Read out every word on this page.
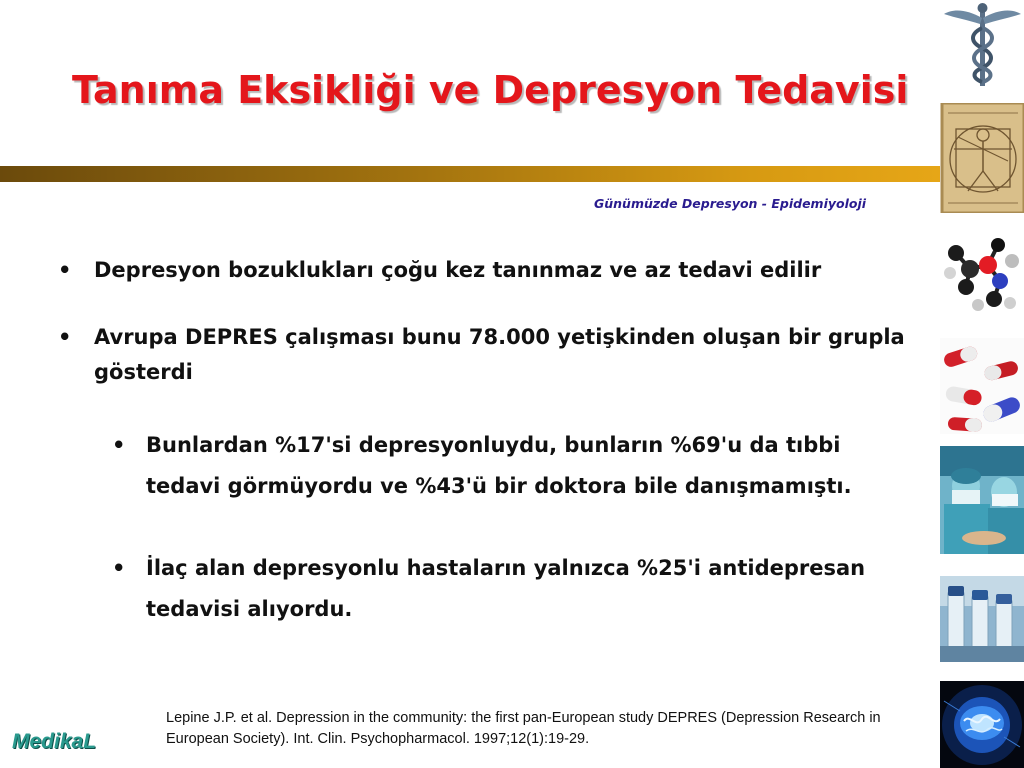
Tanıma Eksikliği ve Depresyon Tedavisi
Günümüzde Depresyon - Epidemiyoloji
• Depresyon bozuklukları çoğu kez tanınmaz ve az tedavi edilir
• Avrupa DEPRES çalışması bunu 78.000 yetişkinden oluşan bir grupla gösterdi
• Bunlardan %17'si depresyonluydu, bunların %69'u da tıbbi tedavi görmüyordu ve %43'ü bir doktora bile danışmamıştı.
• İlaç alan depresyonlu hastaların yalnızca %25'i antidepresan tedavisi alıyordu.
Lepine J.P. et al. Depression in the community: the first pan-European study DEPRES (Depression Research in European Society). Int. Clin. Psychopharmacol. 1997;12(1):19-29.
MedikaL
